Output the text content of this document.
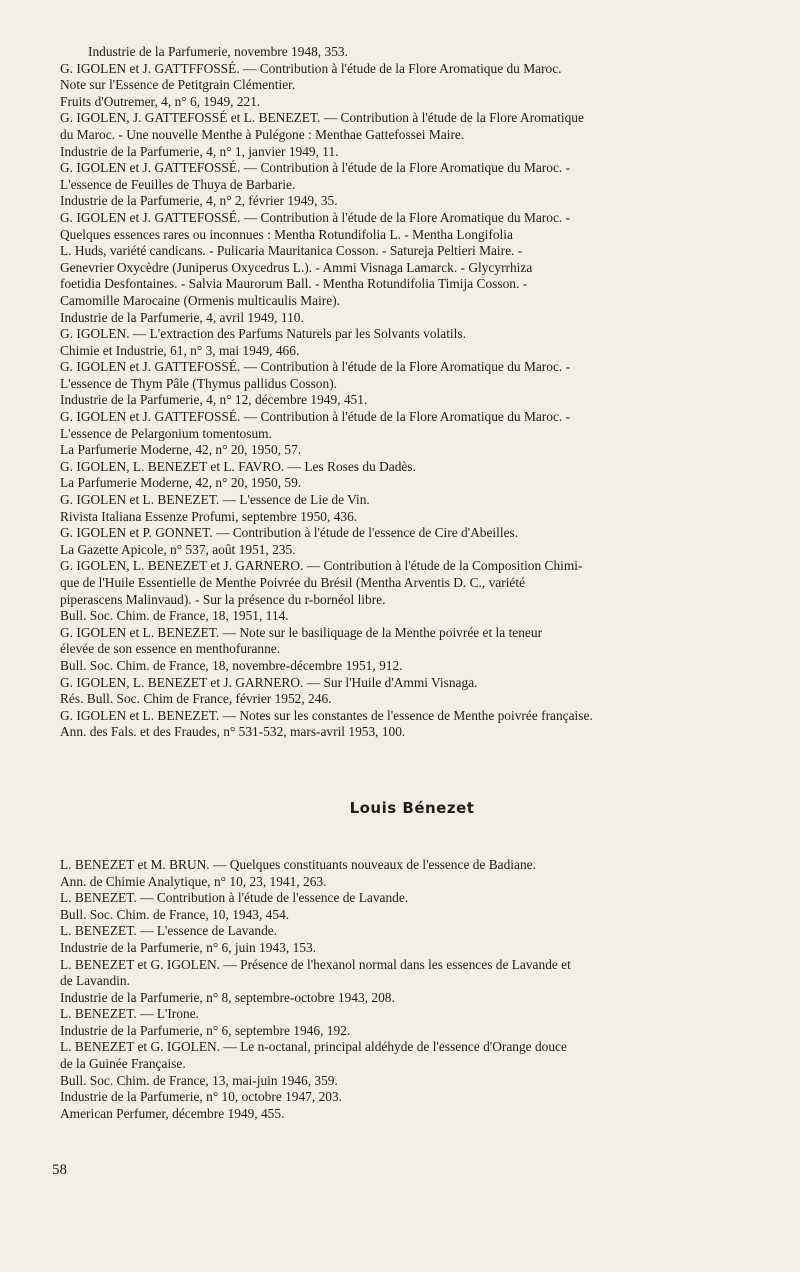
Industrie de la Parfumerie, novembre 1948, 353.
G. IGOLEN et J. GATTFFOSSÉ. — Contribution à l'étude de la Flore Aromatique du Maroc.
Note sur l'Essence de Petitgrain Clémentier.
Fruits d'Outremer, 4, n° 6, 1949, 221.
G. IGOLEN, J. GATTEFOSSÉ et L. BENEZET. — Contribution à l'étude de la Flore Aromatique
du Maroc. - Une nouvelle Menthe à Pulégone : Menthae Gattefossei Maire.
Industrie de la Parfumerie, 4, n° 1, janvier 1949, 11.
G. IGOLEN et J. GATTEFOSSÉ. — Contribution à l'étude de la Flore Aromatique du Maroc. -
L'essence de Feuilles de Thuya de Barbarie.
Industrie de la Parfumerie, 4, n° 2, février 1949, 35.
G. IGOLEN et J. GATTEFOSSÉ. — Contribution à l'étude de la Flore Aromatique du Maroc. -
Quelques essences rares ou inconnues : Mentha Rotundifolia L. - Mentha Longifolia
L. Huds, variété candicans. - Pulicaria Mauritanica Cosson. - Satureja Peltieri Maire. -
Genevrier Oxycèdre (Juniperus Oxycedrus L.). - Ammi Visnaga Lamarck. - Glycyrrhiza
foetidia Desfontaines. - Salvia Maurorum Ball. - Mentha Rotundifolia Timija Cosson. -
Camomille Marocaine (Ormenis multicaulis Maire).
Industrie de la Parfumerie, 4, avril 1949, 110.
G. IGOLEN. — L'extraction des Parfums Naturels par les Solvants volatils.
Chimie et Industrie, 61, n° 3, mai 1949, 466.
G. IGOLEN et J. GATTEFOSSÉ. — Contribution à l'étude de la Flore Aromatique du Maroc. -
L'essence de Thym Pâle (Thymus pallidus Cosson).
Industrie de la Parfumerie, 4, n° 12, décembre 1949, 451.
G. IGOLEN et J. GATTEFOSSÉ. — Contribution à l'étude de la Flore Aromatique du Maroc. -
L'essence de Pelargonium tomentosum.
La Parfumerie Moderne, 42, n° 20, 1950, 57.
G. IGOLEN, L. BENEZET et L. FAVRO. — Les Roses du Dadès.
La Parfumerie Moderne, 42, n° 20, 1950, 59.
G. IGOLEN et L. BENEZET. — L'essence de Lie de Vin.
Rivista Italiana Essenze Profumi, septembre 1950, 436.
G. IGOLEN et P. GONNET. — Contribution à l'étude de l'essence de Cire d'Abeilles.
La Gazette Apicole, n° 537, août 1951, 235.
G. IGOLEN, L. BENEZET et J. GARNERO. — Contribution à l'étude de la Composition Chimi-
que de l'Huile Essentielle de Menthe Poivrée du Brésil (Mentha Arventis D. C., variété
piperascens Malinvaud). - Sur la présence du r-bornéol libre.
Bull. Soc. Chim. de France, 18, 1951, 114.
G. IGOLEN et L. BENEZET. — Note sur le basiliquage de la Menthe poivrée et la teneur
élevée de son essence en menthofuranne.
Bull. Soc. Chim. de France, 18, novembre-décembre 1951, 912.
G. IGOLEN, L. BENEZET et J. GARNERO. — Sur l'Huile d'Ammi Visnaga.
Rés. Bull. Soc. Chim de France, février 1952, 246.
G. IGOLEN et L. BENEZET. — Notes sur les constantes de l'essence de Menthe poivrée française.
Ann. des Fals. et des Fraudes, n° 531-532, mars-avril 1953, 100.
Louis Bénezet
L. BENEZET et M. BRUN. — Quelques constituants nouveaux de l'essence de Badiane.
Ann. de Chimie Analytique, n° 10, 23, 1941, 263.
L. BENEZET. — Contribution à l'étude de l'essence de Lavande.
Bull. Soc. Chim. de France, 10, 1943, 454.
L. BENEZET. — L'essence de Lavande.
Industrie de la Parfumerie, n° 6, juin 1943, 153.
L. BENEZET et G. IGOLEN. — Présence de l'hexanol normal dans les essences de Lavande et
de Lavandin.
Industrie de la Parfumerie, n° 8, septembre-octobre 1943, 208.
L. BENEZET. — L'Irone.
Industrie de la Parfumerie, n° 6, septembre 1946, 192.
L. BENEZET et G. IGOLEN. — Le n-octanal, principal aldéhyde de l'essence d'Orange douce
de la Guinée Française.
Bull. Soc. Chim. de France, 13, mai-juin 1946, 359.
Industrie de la Parfumerie, n° 10, octobre 1947, 203.
American Perfumer, décembre 1949, 455.
58
